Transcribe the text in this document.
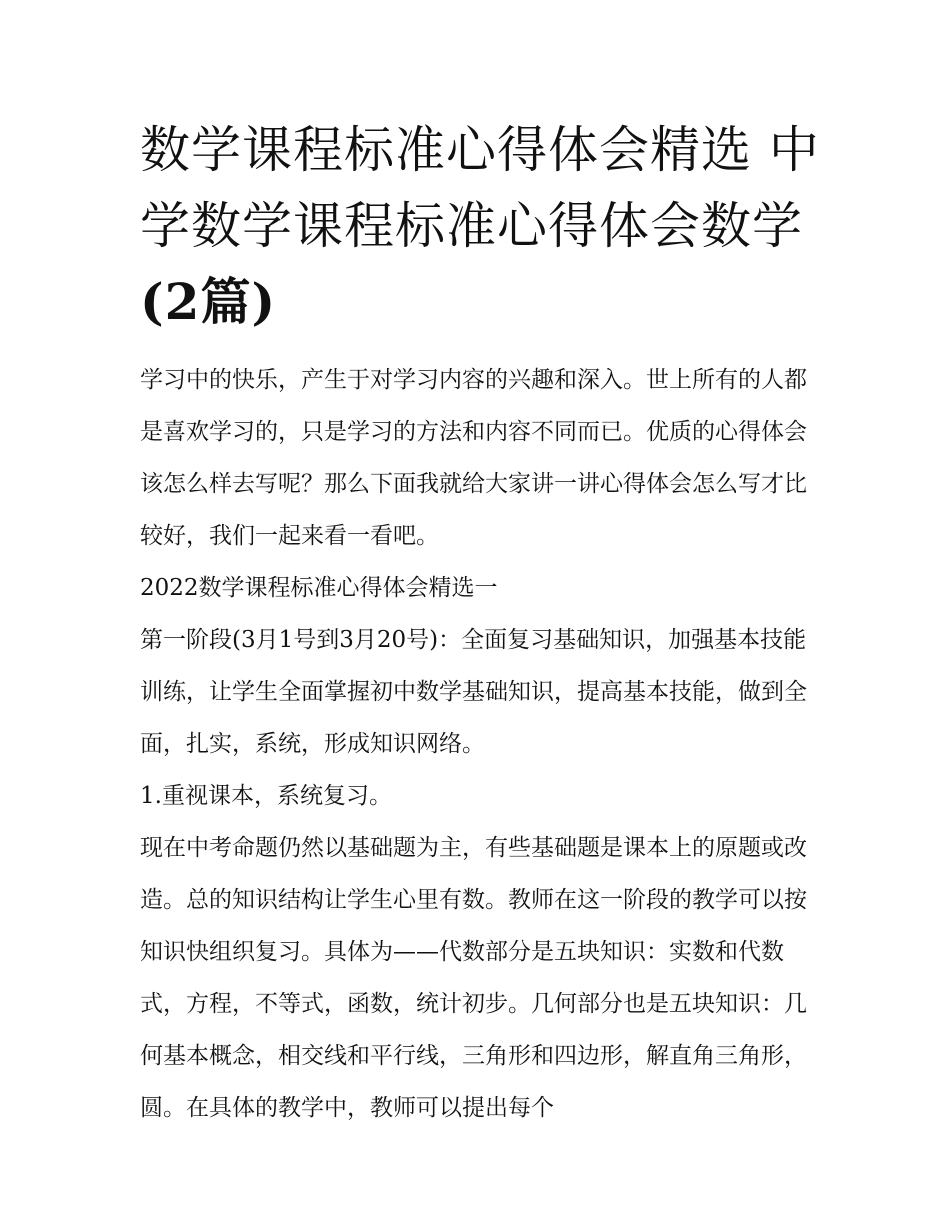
数学课程标准心得体会精选 中学数学课程标准心得体会数学(2篇)

学习中的快乐，产生于对学习内容的兴趣和深入。世上所有的人都是喜欢学习的，只是学习的方法和内容不同而已。优质的心得体会该怎么样去写呢？那么下面我就给大家讲一讲心得体会怎么写才比较好，我们一起来看一看吧。

2022数学课程标准心得体会精选一

第一阶段(3月1号到3月20号)：全面复习基础知识，加强基本技能训练，让学生全面掌握初中数学基础知识，提高基本技能，做到全面，扎实，系统，形成知识网络。

1.重视课本，系统复习。

现在中考命题仍然以基础题为主，有些基础题是课本上的原题或改造。总的知识结构让学生心里有数。教师在这一阶段的教学可以按知识快组织复习。具体为——代数部分是五块知识：实数和代数式，方程，不等式，函数，统计初步。几何部分也是五块知识：几何基本概念，相交线和平行线，三角形和四边形，解直角三角形，圆。在具体的教学中，教师可以提出每个
